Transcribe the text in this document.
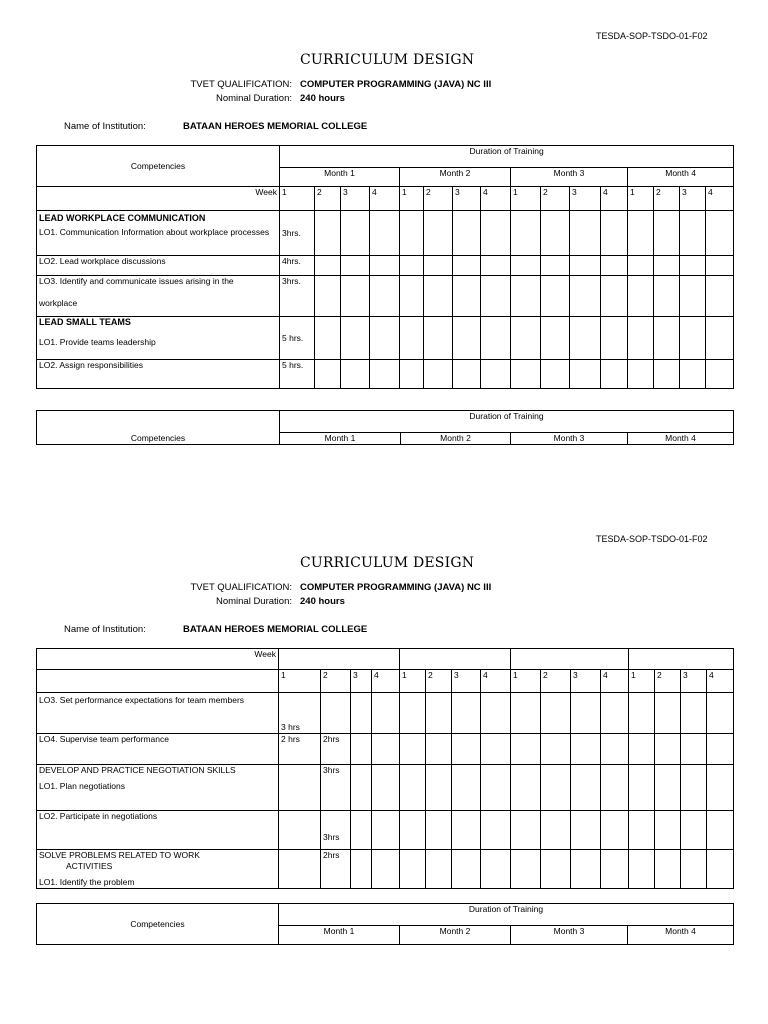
TESDA-SOP-TSDO-01-F02
CURRICULUM DESIGN
TVET QUALIFICATION: COMPUTER PROGRAMMING (JAVA) NC III
Nominal Duration: 240 hours
Name of Institution:	BATAAN HEROES MEMORIAL COLLEGE
Competencies	Duration of Training															
	Month 1				Month 2				Month 3				Month 4			
Week	1	2	3	4	1	2	3	4	1	2	3	4	1	2	3	4

LEAD WORKPLACE COMMUNICATION
LO1. Communication Information about workplace processes	3hrs.															
LO2. Lead workplace discussions	4hrs.															

LO3. Identify and communicate issues arising in the
workplace	3hrs.															

LEAD SMALL TEAMS
LO1. Provide teams leadership	5 hrs.															
LO2. Assign responsibilities	5 hrs.															
Competencies	Duration of Training			
	Month 1	Month 2	Month 3	Month 4
TESDA-SOP-TSDO-01-F02
CURRICULUM DESIGN
TVET QUALIFICATION: COMPUTER PROGRAMMING (JAVA) NC III
Nominal Duration: 240 hours
Name of Institution:	BATAAN HEROES MEMORIAL COLLEGE
Week																
	1	2	3	4	1	2	3	4	1	2	3	4	1	2	3	4
LO3. Set performance expectations for team members	3 hrs															
LO4. Supervise team performance	2 hrs	2hrs														

DEVELOP AND PRACTICE NEGOTIATION SKILLS
LO1. Plan negotiations		3hrs														
LO2. Participate in negotiations		3hrs														

SOLVE PROBLEMS RELATED TO WORK
ACTIVITIES
LO1. Identify the problem		2hrs														
Competencies	Duration of Training			
	Month 1	Month 2	Month 3	Month 4
